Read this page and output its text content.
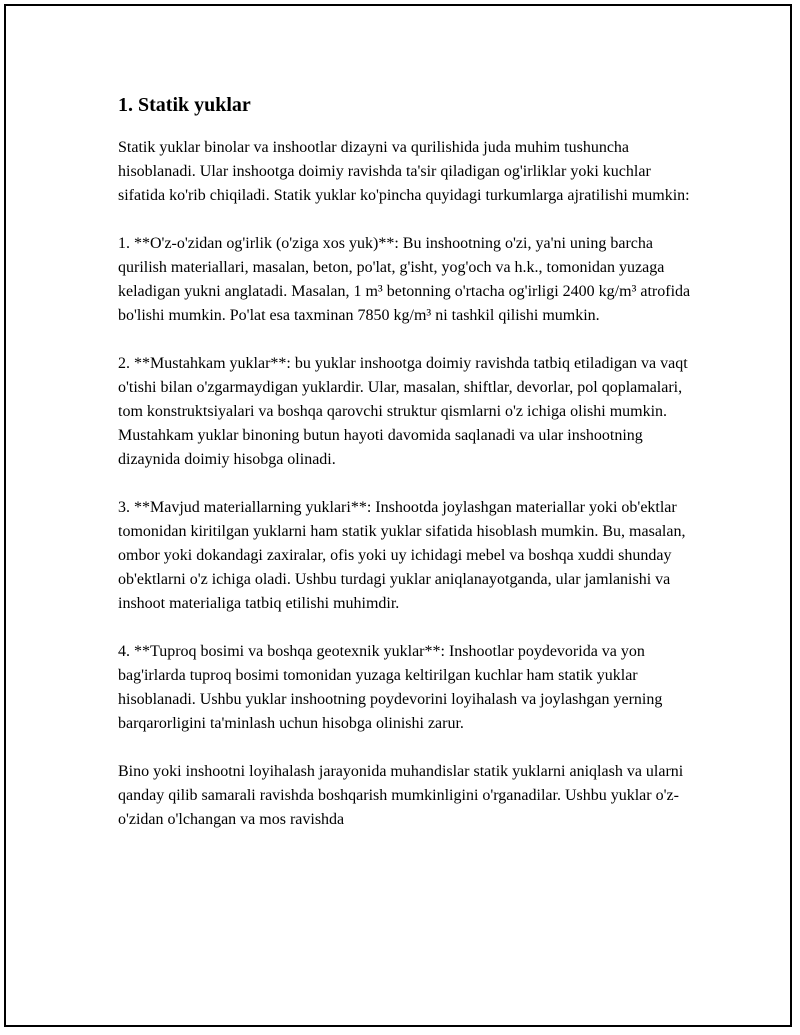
1. Statik yuklar

Statik yuklar binolar va inshootlar dizayni va qurilishida juda muhim tushuncha hisoblanadi. Ular inshootga doimiy ravishda ta'sir qiladigan og'irliklar yoki kuchlar sifatida ko'rib chiqiladi. Statik yuklar ko'pincha quyidagi turkumlarga ajratilishi mumkin:

1. **O'z-o'zidan og'irlik (o'ziga xos yuk)**: Bu inshootning o'zi, ya'ni uning barcha qurilish materiallari, masalan, beton, po'lat, g'isht, yog'och va h.k., tomonidan yuzaga keladigan yukni anglatadi. Masalan, 1 m³ betonning o'rtacha og'irligi 2400 kg/m³ atrofida bo'lishi mumkin. Po'lat esa taxminan 7850 kg/m³ ni tashkil qilishi mumkin.

2. **Mustahkam yuklar**: bu yuklar inshootga doimiy ravishda tatbiq etiladigan va vaqt o'tishi bilan o'zgarmaydigan yuklardir. Ular, masalan, shiftlar, devorlar, pol qoplamalari, tom konstruktsiyalari va boshqa qarovchi struktur qismlarni o'z ichiga olishi mumkin. Mustahkam yuklar binoning butun hayoti davomida saqlanadi va ular inshootning dizaynida doimiy hisobga olinadi.

3. **Mavjud materiallarning yuklari**: Inshootda joylashgan materiallar yoki ob'ektlar tomonidan kiritilgan yuklarni ham statik yuklar sifatida hisoblash mumkin. Bu, masalan, ombor yoki dokandagi zaxiralar, ofis yoki uy ichidagi mebel va boshqa xuddi shunday ob'ektlarni o'z ichiga oladi. Ushbu turdagi yuklar aniqlanayotganda, ular jamlanishi va inshoot materialiga tatbiq etilishi muhimdir.

4. **Tuproq bosimi va boshqa geotexnik yuklar**: Inshootlar poydevorida va yon bag'irlarda tuproq bosimi tomonidan yuzaga keltirilgan kuchlar ham statik yuklar hisoblanadi. Ushbu yuklar inshootning poydevorini loyihalash va joylashgan yerning barqarorligini ta'minlash uchun hisobga olinishi zarur.

Bino yoki inshootni loyihalash jarayonida muhandislar statik yuklarni aniqlash va ularni qanday qilib samarali ravishda boshqarish mumkinligini o'rganadilar. Ushbu yuklar o'z-o'zidan o'lchangan va mos ravishda
